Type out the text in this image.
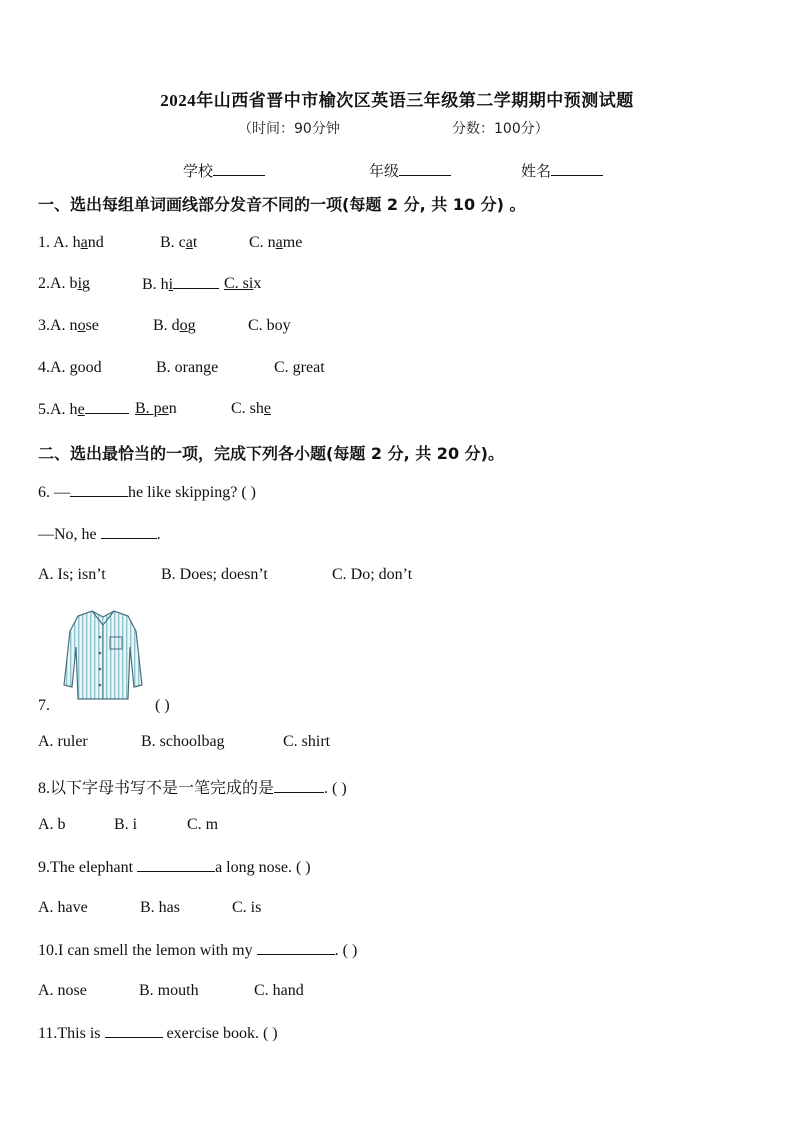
2024年山西省晋中市榆次区英语三年级第二学期期中预测试题
（时间：90分钟	分数：100分）
学校	年级	姓名
一、选出每组单词画线部分发音不同的一项(每题 2 分, 共 10 分) 。
1. A. hand	B. cat	C. name
2.A. big	B. hi	C. six
3.A. nose	B. dog	C. boy
4.A. good	B. orange	C. great
5.A. he	B. pen	C. she
二、选出最恰当的一项，完成下列各小题(每题 2 分, 共 20 分)。
6. —	he like skipping? ( )
—No, he	.
A. Is; isn’t	B. Does; doesn’t	C. Do; don’t
7.	( )
A. ruler	B. schoolbag	C. shirt
8.以下字母书写不是一笔完成的是	. ( )
A. b	B. i	C. m
9.The elephant	a long nose. ( )
A. have	B. has	C. is
10.I can smell the lemon with my	. ( )
A. nose	B. mouth	C. hand
11.This is	exercise book. ( )
